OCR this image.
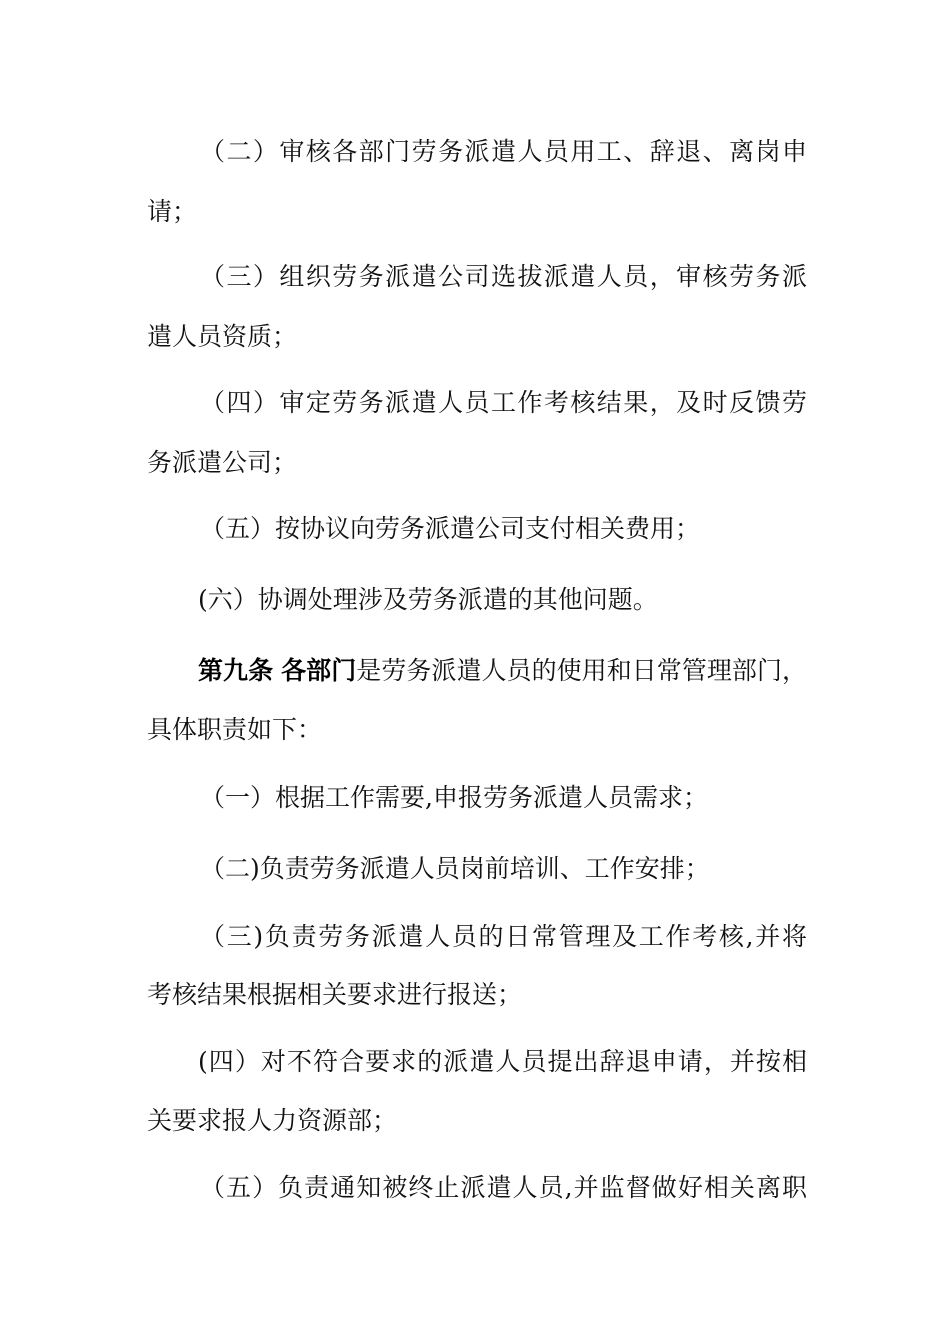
（二）审核各部门劳务派遣人员用工、辞退、离岗申
请；
（三）组织劳务派遣公司选拔派遣人员，审核劳务派
遣人员资质；
（四）审定劳务派遣人员工作考核结果，及时反馈劳
务派遣公司；
（五）按协议向劳务派遣公司支付相关费用；
(六）协调处理涉及劳务派遣的其他问题。
第九条 各部门是劳务派遣人员的使用和日常管理部门，
具体职责如下：
（一）根据工作需要,申报劳务派遣人员需求；
（二)负责劳务派遣人员岗前培训、工作安排；
（三)负责劳务派遣人员的日常管理及工作考核,并将
考核结果根据相关要求进行报送；
(四）对不符合要求的派遣人员提出辞退申请，并按相
关要求报人力资源部；
（五）负责通知被终止派遣人员,并监督做好相关离职
